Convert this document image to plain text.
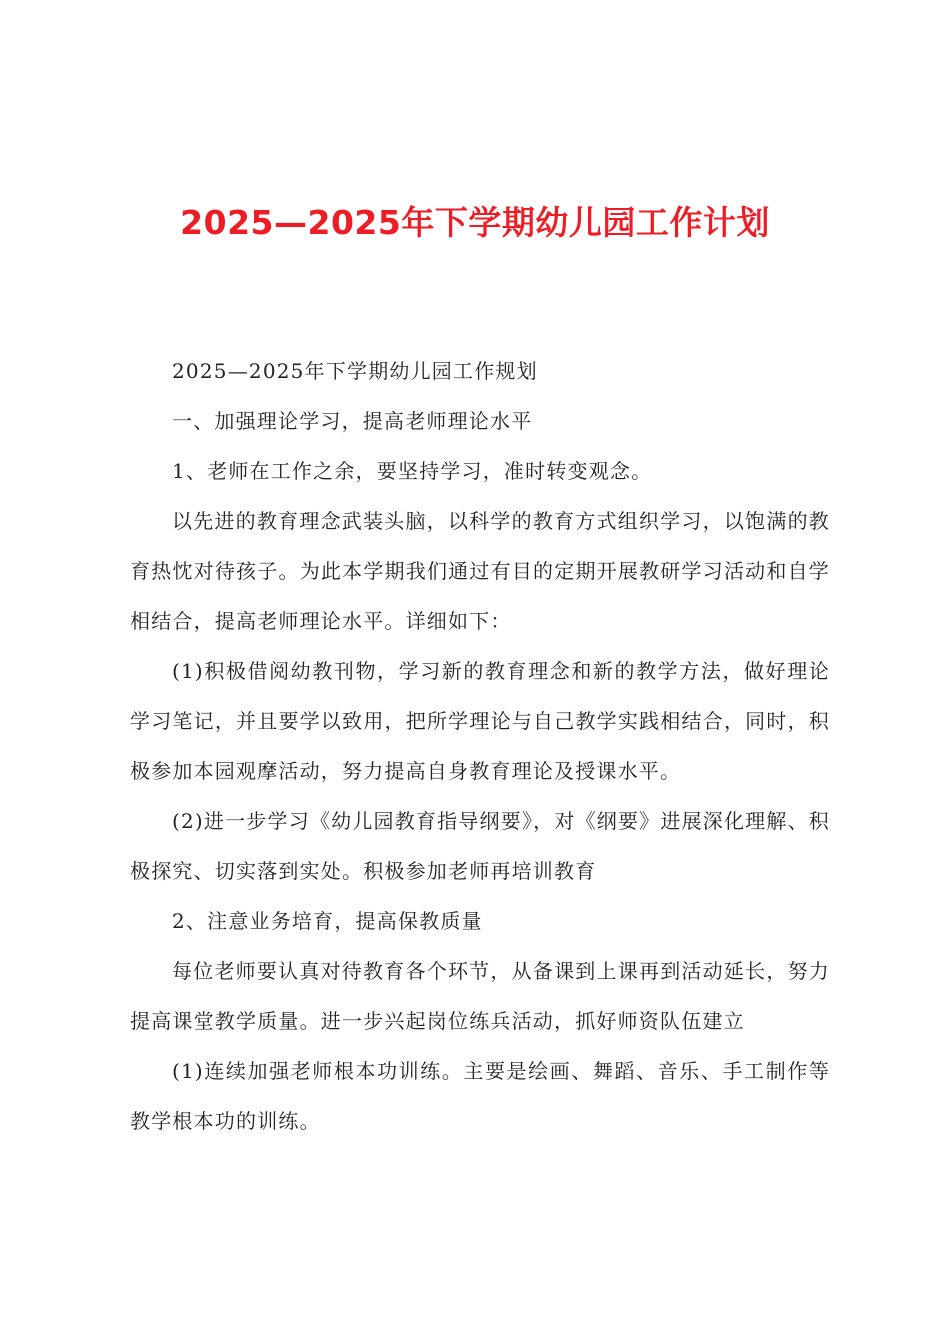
2025—2025年下学期幼儿园工作计划

2025—2025年下学期幼儿园工作规划

一、加强理论学习，提高老师理论水平

1、老师在工作之余，要坚持学习，准时转变观念。

以先进的教育理念武装头脑，以科学的教育方式组织学习，以饱满的教育热忱对待孩子。为此本学期我们通过有目的定期开展教研学习活动和自学相结合，提高老师理论水平。详细如下：

(1)积极借阅幼教刊物，学习新的教育理念和新的教学方法，做好理论学习笔记，并且要学以致用，把所学理论与自己教学实践相结合，同时，积极参加本园观摩活动，努力提高自身教育理论及授课水平。

(2)进一步学习《幼儿园教育指导纲要》，对《纲要》进展深化理解、积极探究、切实落到实处。积极参加老师再培训教育

2、注意业务培育，提高保教质量

每位老师要认真对待教育各个环节，从备课到上课再到活动延长，努力提高课堂教学质量。进一步兴起岗位练兵活动，抓好师资队伍建立

(1)连续加强老师根本功训练。主要是绘画、舞蹈、音乐、手工制作等教学根本功的训练。
